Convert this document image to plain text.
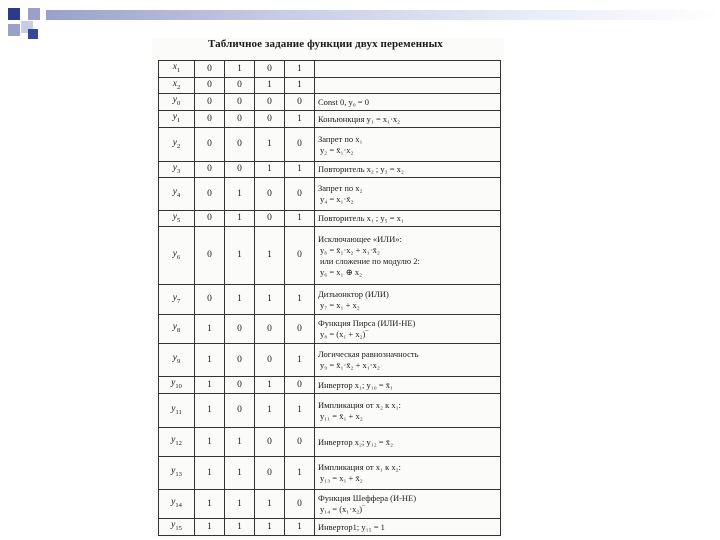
Табличное задание функции двух переменных
$x_1$	0	1	0	1	
$x_2$	0	0	1	1	
$y_0$	0	0	0	0	Const 0, y₀ = 0

$y_1$	0	0	0	1	Конъюнкция y₁ = x₁·x₂

$y_2$	0	0	1	0	Запрет по x₁
y₂ = x̄₁·x₂

$y_3$	0	0	1	1	Повторитель x₂ ; y₃ = x₂

$y_4$	0	1	0	0	Запрет по x₂
y₄ = x₁·x̄₂

$y_5$	0	1	0	1	Повторитель x₁ ; y₅ = x₁

$y_6$	0	1	1	0	Исключающее «ИЛИ»:
y₆ = x̄₁·x₂ + x₁·x̄₂
или сложение по модулю 2:
y₆ = x₁ ⊕ x₂

$y_7$	0	1	1	1	Дизъюнктор (ИЛИ)
y₇ = x₁ + x₂

$y_8$	1	0	0	0	Функция Пирса (ИЛИ-НЕ)
y₈ = (x₁ + x₂)‾

$y_9$	1	0	0	1	Логическая равнозначность
y₉ = x̄₁·x̄₂ + x₁·x₂

$y_{10}$	1	0	1	0	Инвертор x₁; y₁₀ = x̄₁

$y_{11}$	1	0	1	1	Импликация от x₂ к x₁:
y₁₁ = x̄₁ + x₂

$y_{12}$	1	1	0	0	Инвертор x₂; y₁₂ = x̄₂

$y_{13}$	1	1	0	1	Импликация от x₁ к x₂:
y₁₃ = x₁ + x̄₂

$y_{14}$	1	1	1	0	Функция Шеффера (И-НЕ)
y₁₄ = (x₁·x₂)‾

$y_{15}$	1	1	1	1	Инвертор1; y₁₅ = 1
